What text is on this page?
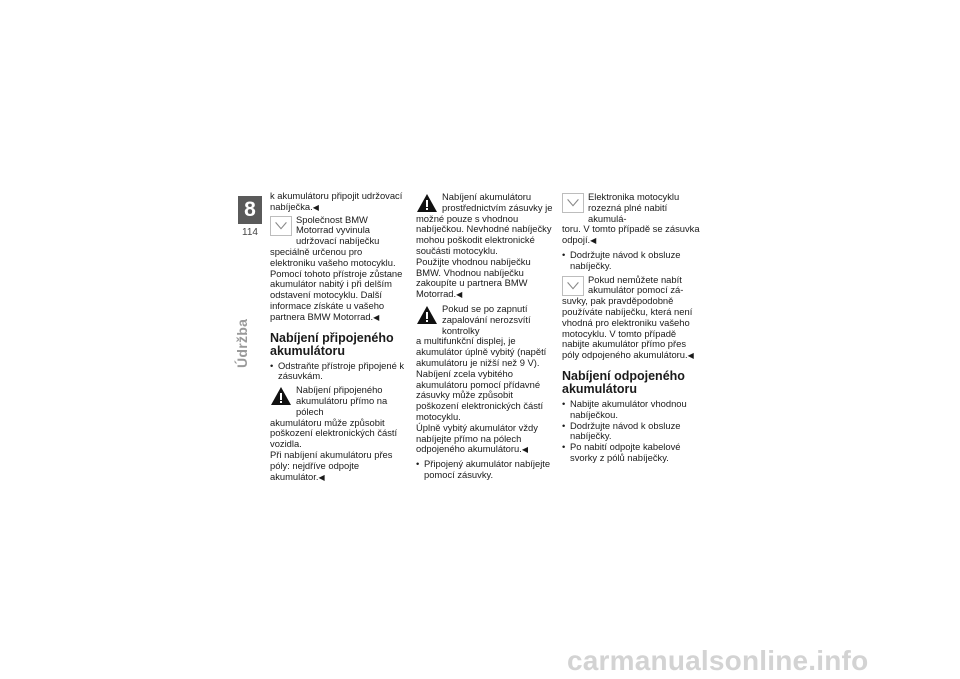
8
114
Údržba

k akumulátoru připojit udržovací nabíječka.◀

Společnost BMW Motorrad vyvinula udržovací nabíječku

speciálně určenou pro elektroniku vašeho motocyklu. Pomocí tohoto přístroje zůstane akumulátor nabitý i při delším odstavení motocyklu. Další informace získáte u vašeho partnera BMW Motorrad.◀

Nabíjení připojeného akumulátoru
• Odstraňte přístroje připojené k zásuvkám.

Nabíjení připojeného akumulátoru přímo na pólech

akumulátoru může způsobit poškození elektronických částí vozidla.

Při nabíjení akumulátoru přes póly: nejdříve odpojte akumulátor.◀

Nabíjení akumulátoru prostřednictvím zásuvky je

možné pouze s vhodnou nabíječkou. Nevhodné nabíječky mohou poškodit elektronické součásti motocyklu.

Použijte vhodnou nabíječku BMW. Vhodnou nabíječku zakoupíte u partnera BMW Motorrad.◀

Pokud se po zapnutí zapalování nerozsvítí kontrolky

a multifunkční displej, je akumulátor úplně vybitý (napětí akumulátoru je nižší než 9 V). Nabíjení zcela vybitého akumulátoru pomocí přídavné zásuvky může způsobit poškození elektronických částí motocyklu.

Úplně vybitý akumulátor vždy nabíjejte přímo na pólech odpojeného akumulátoru.◀

• Připojený akumulátor nabíjejte pomocí zásuvky.

Elektronika motocyklu rozezná plné nabití akumulá-

toru. V tomto případě se zásuvka odpojí.◀

• Dodržujte návod k obsluze nabíječky.

Pokud nemůžete nabít akumulátor pomocí zá-

suvky, pak pravděpodobně používáte nabíječku, která není vhodná pro elektroniku vašeho motocyklu. V tomto případě nabijte akumulátor přímo přes póly odpojeného akumulátoru.◀

Nabíjení odpojeného akumulátoru
• Nabijte akumulátor vhodnou nabíječkou.
• Dodržujte návod k obsluze nabíječky.
• Po nabití odpojte kabelové svorky z pólů nabíječky.
carmanualsonline.info
